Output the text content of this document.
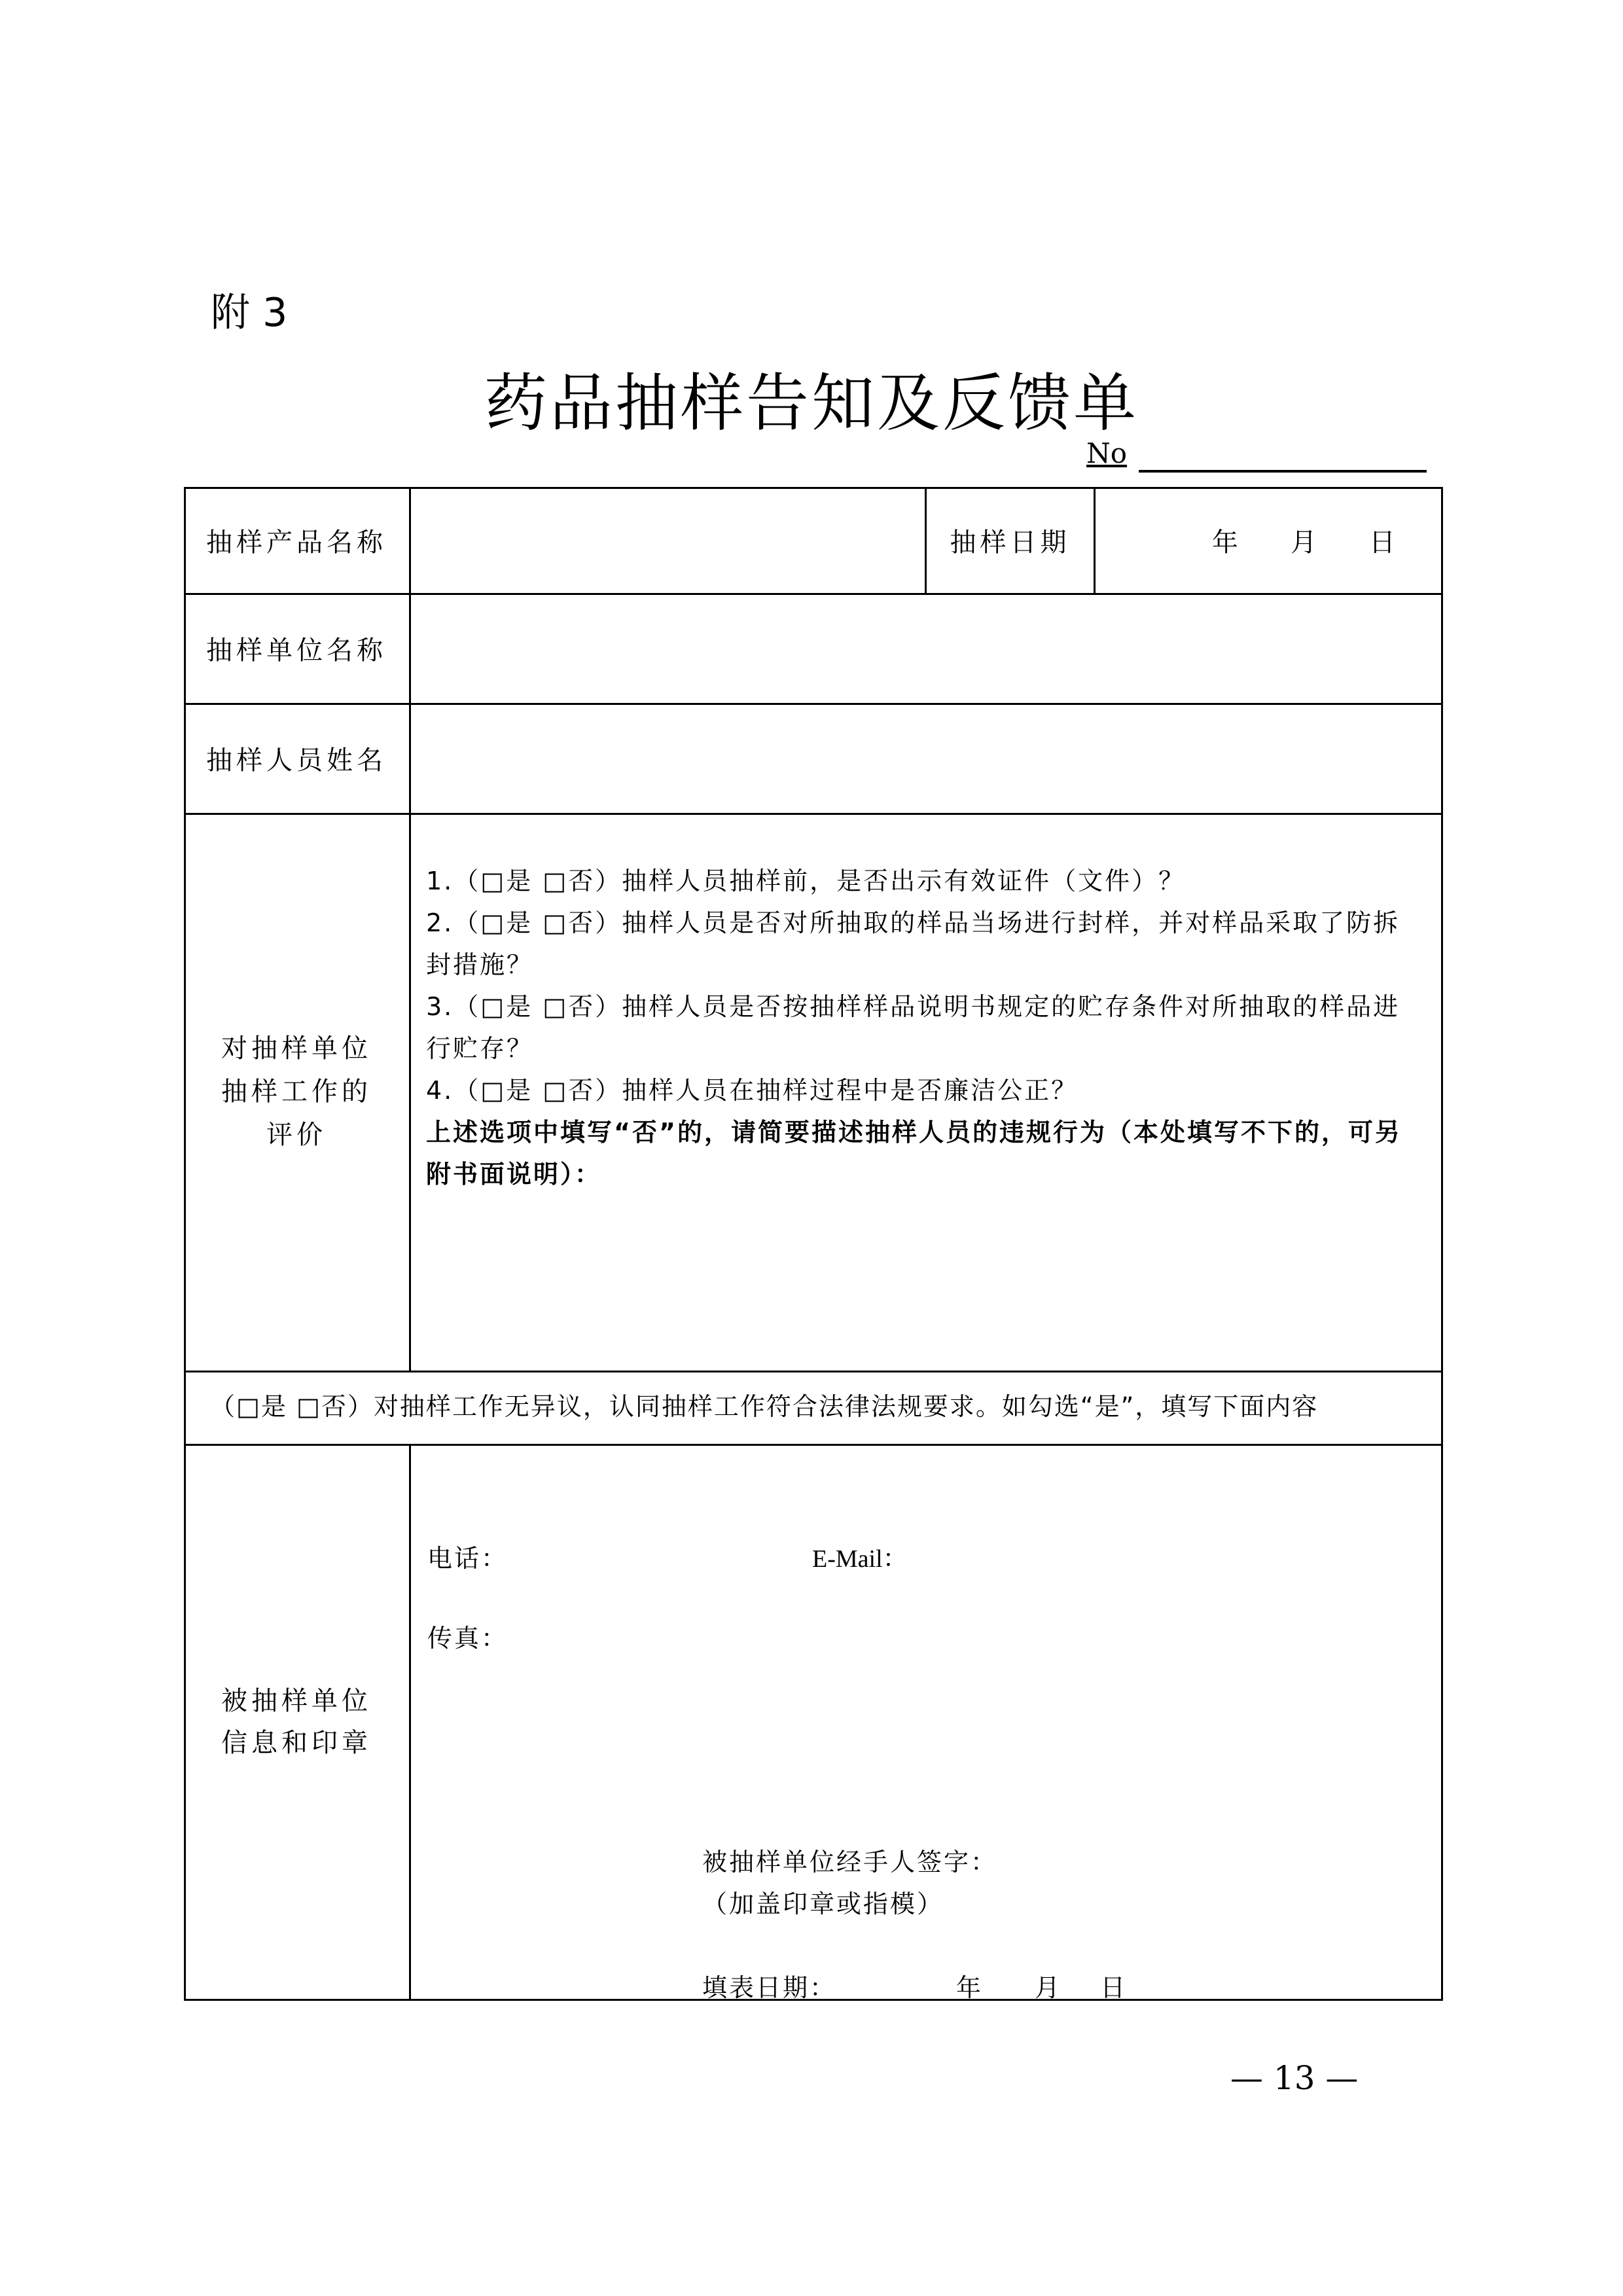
附 3
药品抽样告知及反馈单
No
抽样产品名称	抽样日期	年 月 日
抽样单位名称
抽样人员姓名
对抽样单位抽样工作的评价
1.（□是 □否）抽样人员抽样前，是否出示有效证件（文件）？
2.（□是 □否）抽样人员是否对所抽取的样品当场进行封样，并对样品采取了防拆封措施？
3.（□是 □否）抽样人员是否按抽样样品说明书规定的贮存条件对所抽取的样品进行贮存？
4.（□是 □否）抽样人员在抽样过程中是否廉洁公正？
上述选项中填写“否”的，请简要描述抽样人员的违规行为（本处填写不下的，可另附书面说明）：
（□是 □否）对抽样工作无异议，认同抽样工作符合法律法规要求。如勾选“是”，填写下面内容
被抽样单位信息和印章
电话：	E-Mail：
传真：
被抽样单位经手人签字：
（加盖印章或指模）
填表日期：	年 月 日
— 13 —
